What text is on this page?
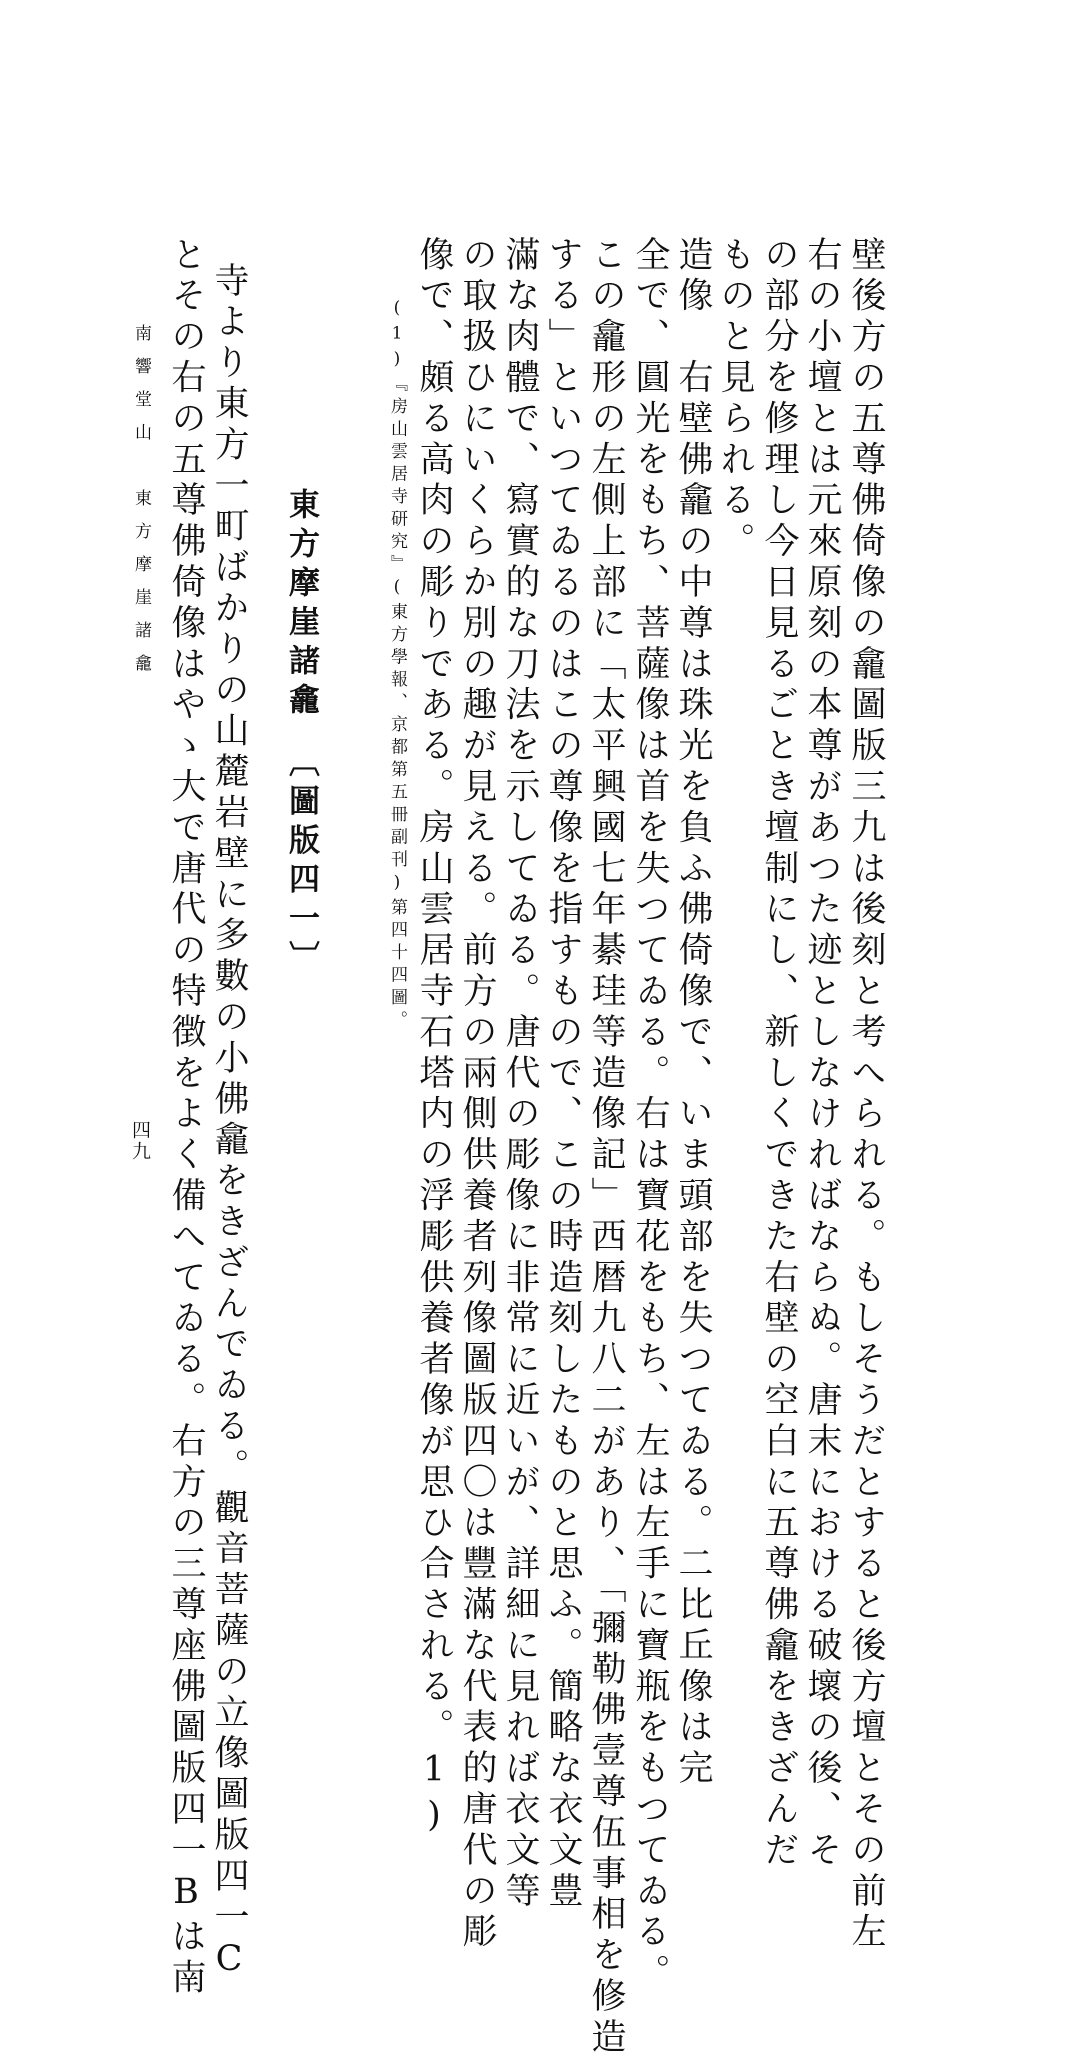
壁後方の五尊佛倚像の龕圖版三九は後刻と考へられる。もしそうだとすると後方壇とその前左

右の小壇とは元來原刻の本尊があつた迹としなければならぬ。唐末における破壞の後、そ

の部分を修理し今日見るごとき壇制にし、新しくできた右壁の空白に五尊佛龕をきざんだ

ものと見られる。

造像　右壁佛龕の中尊は珠光を負ふ佛倚像で、いま頭部を失つてゐる。二比丘像は完

全で、圓光をもち、菩薩像は首を失つてゐる。右は寶花をもち、左は左手に寶瓶をもつてゐる。

この龕形の左側上部に「太平興國七年綦珪等造像記」西暦九八二があり、「彌勒佛壹尊伍事相を修造

する」といつてゐるのはこの尊像を指すもので、この時造刻したものと思ふ。簡略な衣文豊

滿な肉體で、寫實的な刀法を示してゐる。唐代の彫像に非常に近いが、詳細に見れば衣文等

の取扱ひにいくらか別の趣が見える。前方の兩側供養者列像圖版四〇は豐滿な代表的唐代の彫

像で、頗る高肉の彫りである。房山雲居寺石塔内の浮彫供養者像が思ひ合される。1)

(1)『房山雲居寺研究』(東方學報、京都第五冊副刊)第四十四圖。

東方摩崖諸龕　〔圖版四一〕

寺より東方一町ばかりの山麓岩壁に多數の小佛龕をきざんでゐる。觀音菩薩の立像圖版四一C

とその右の五尊佛倚像はやゝ大で唐代の特徴をよく備へてゐる。右方の三尊座佛圖版四一Bは南

南響堂山　東方摩崖諸龕

四九
